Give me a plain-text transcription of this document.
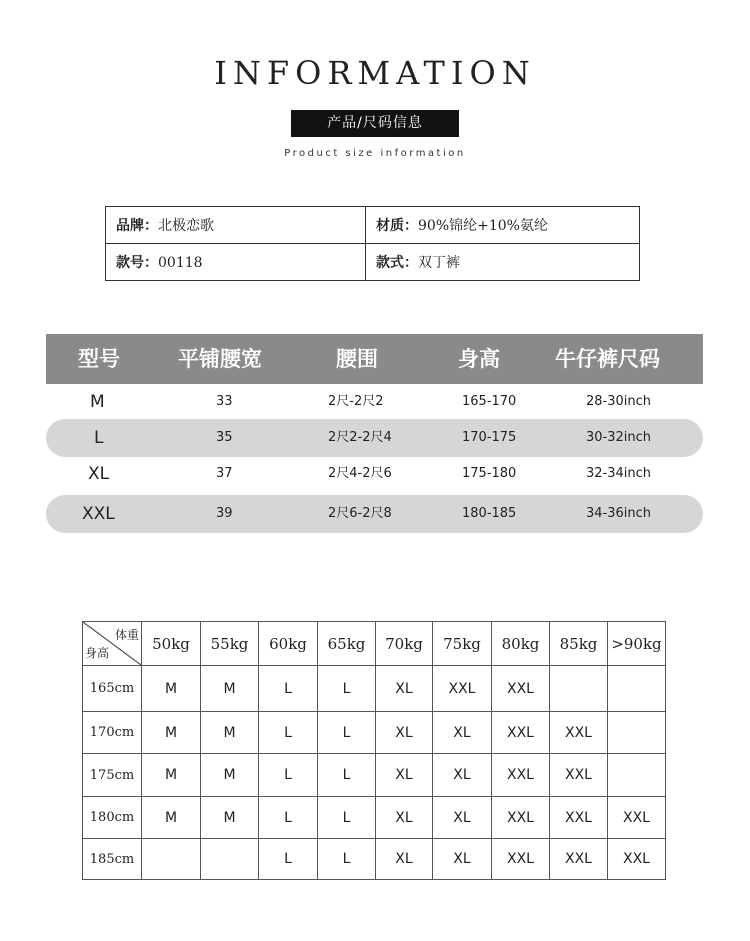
INFORMATION
产品/尺码信息
Product size information
品牌：北极恋歌	材质：90%锦纶+10%氨纶
款号：00118	款式：双丁裤
型号	平铺腰宽	腰围	身高	牛仔裤尺码
M	33	2尺-2尺2	165-170	28-30inch
L	35	2尺2-2尺4	170-175	30-32inch
XL	37	2尺4-2尺6	175-180	32-34inch
XXL	39	2尺6-2尺8	180-185	34-36inch
体重
身高	50kg	55kg	60kg	65kg	70kg	75kg	80kg	85kg	>90kg
165cm	M	M	L	L	XL	XXL	XXL		
170cm	M	M	L	L	XL	XL	XXL	XXL	
175cm	M	M	L	L	XL	XL	XXL	XXL	
180cm	M	M	L	L	XL	XL	XXL	XXL	XXL
185cm			L	L	XL	XL	XXL	XXL	XXL
